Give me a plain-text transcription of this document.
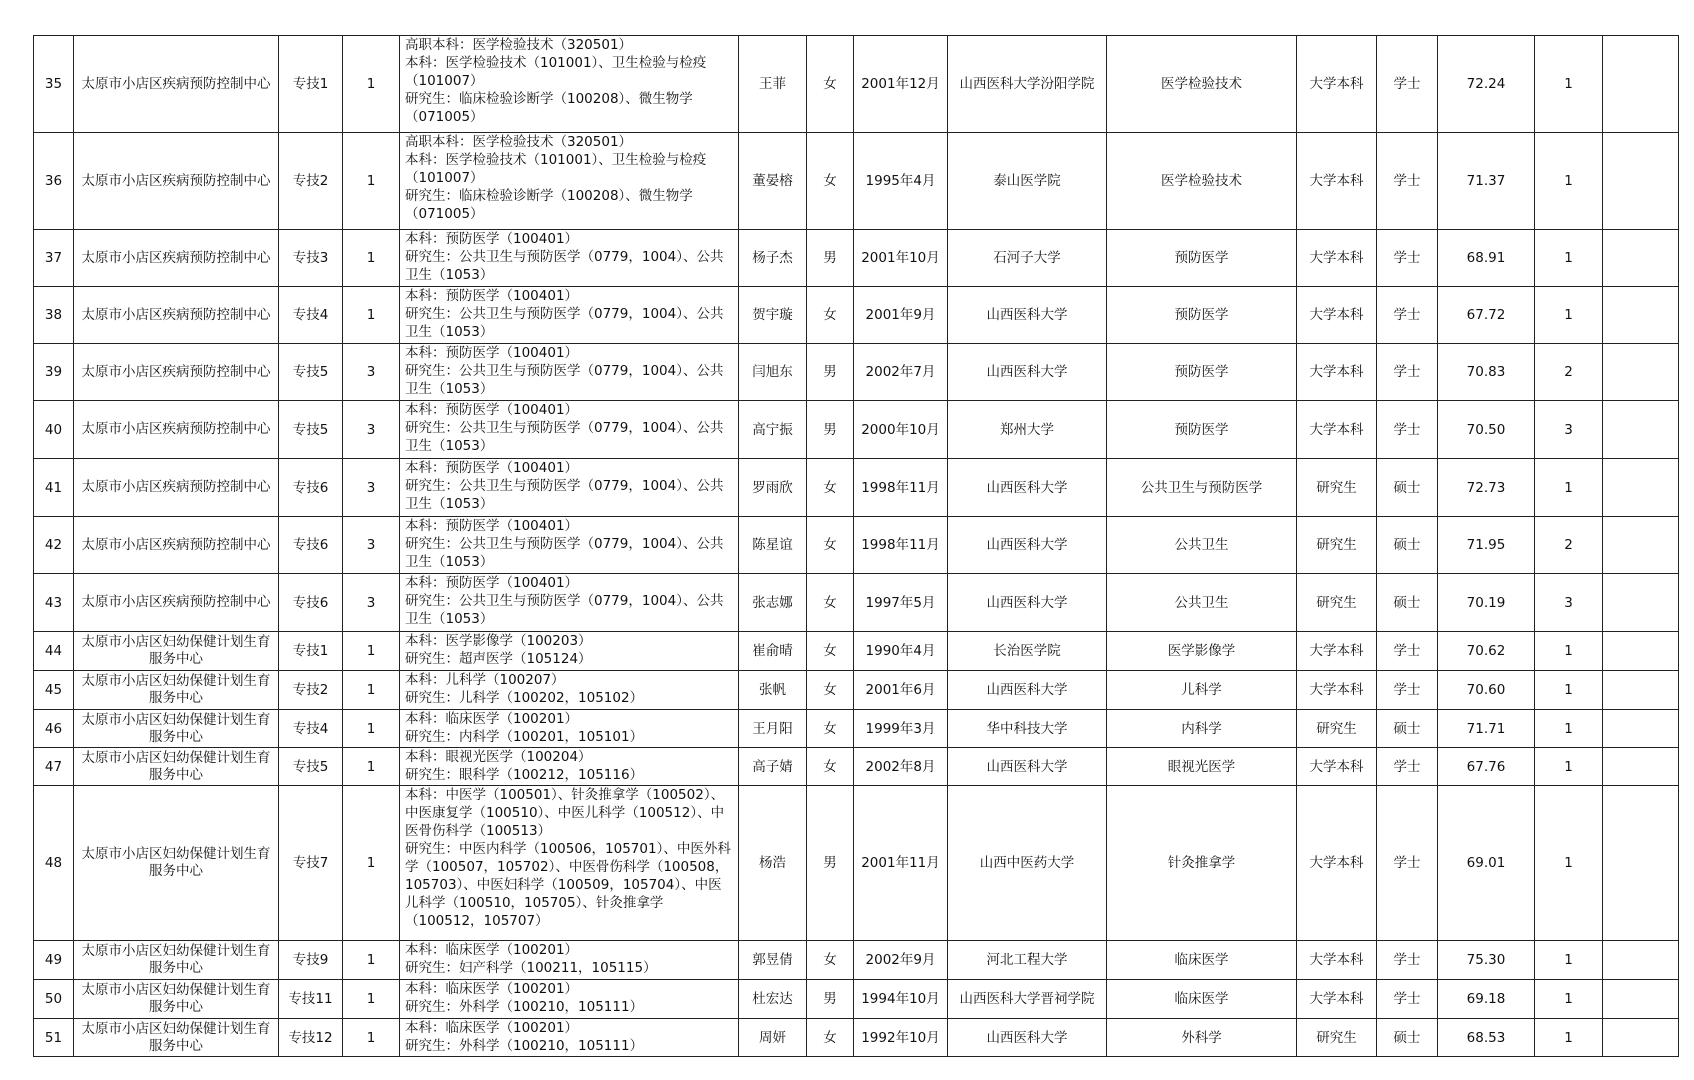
35	太原市小店区疾病预防控制中心	专技1	1	高职本科：医学检验技术（320501）
本科：医学检验技术（101001）、卫生检验与检疫（101007）
研究生：临床检验诊断学（100208）、微生物学（071005）	王菲	女	2001年12月	山西医科大学汾阳学院	医学检验技术	大学本科	学士	72.24	1	
36	太原市小店区疾病预防控制中心	专技2	1	高职本科：医学检验技术（320501）
本科：医学检验技术（101001）、卫生检验与检疫（101007）
研究生：临床检验诊断学（100208）、微生物学（071005）	董晏榕	女	1995年4月	泰山医学院	医学检验技术	大学本科	学士	71.37	1	
37	太原市小店区疾病预防控制中心	专技3	1	本科：预防医学（100401）
研究生：公共卫生与预防医学（0779，1004）、公共卫生（1053）	杨子杰	男	2001年10月	石河子大学	预防医学	大学本科	学士	68.91	1	
38	太原市小店区疾病预防控制中心	专技4	1	本科：预防医学（100401）
研究生：公共卫生与预防医学（0779，1004）、公共卫生（1053）	贺宇璇	女	2001年9月	山西医科大学	预防医学	大学本科	学士	67.72	1	
39	太原市小店区疾病预防控制中心	专技5	3	本科：预防医学（100401）
研究生：公共卫生与预防医学（0779，1004）、公共卫生（1053）	闫旭东	男	2002年7月	山西医科大学	预防医学	大学本科	学士	70.83	2	
40	太原市小店区疾病预防控制中心	专技5	3	本科：预防医学（100401）
研究生：公共卫生与预防医学（0779，1004）、公共卫生（1053）	高宁振	男	2000年10月	郑州大学	预防医学	大学本科	学士	70.50	3	
41	太原市小店区疾病预防控制中心	专技6	3	本科：预防医学（100401）
研究生：公共卫生与预防医学（0779，1004）、公共卫生（1053）	罗雨欣	女	1998年11月	山西医科大学	公共卫生与预防医学	研究生	硕士	72.73	1	
42	太原市小店区疾病预防控制中心	专技6	3	本科：预防医学（100401）
研究生：公共卫生与预防医学（0779，1004）、公共卫生（1053）	陈星谊	女	1998年11月	山西医科大学	公共卫生	研究生	硕士	71.95	2	
43	太原市小店区疾病预防控制中心	专技6	3	本科：预防医学（100401）
研究生：公共卫生与预防医学（0779，1004）、公共卫生（1053）	张志娜	女	1997年5月	山西医科大学	公共卫生	研究生	硕士	70.19	3	
44	太原市小店区妇幼保健计划生育服务中心	专技1	1	本科：医学影像学（100203）
研究生：超声医学（105124）	崔俞晴	女	1990年4月	长治医学院	医学影像学	大学本科	学士	70.62	1	
45	太原市小店区妇幼保健计划生育服务中心	专技2	1	本科：儿科学（100207）
研究生：儿科学（100202，105102）	张帆	女	2001年6月	山西医科大学	儿科学	大学本科	学士	70.60	1	
46	太原市小店区妇幼保健计划生育服务中心	专技4	1	本科：临床医学（100201）
研究生：内科学（100201，105101）	王月阳	女	1999年3月	华中科技大学	内科学	研究生	硕士	71.71	1	
47	太原市小店区妇幼保健计划生育服务中心	专技5	1	本科：眼视光医学（100204）
研究生：眼科学（100212，105116）	高子婧	女	2002年8月	山西医科大学	眼视光医学	大学本科	学士	67.76	1	
48	太原市小店区妇幼保健计划生育服务中心	专技7	1	本科：中医学（100501）、针灸推拿学（100502）、中医康复学（100510）、中医儿科学（100512）、中医骨伤科学（100513）
研究生：中医内科学（100506，105701）、中医外科学（100507，105702）、中医骨伤科学（100508，105703）、中医妇科学（100509，105704）、中医儿科学（100510，105705）、针灸推拿学（100512，105707）	杨浩	男	2001年11月	山西中医药大学	针灸推拿学	大学本科	学士	69.01	1	
49	太原市小店区妇幼保健计划生育服务中心	专技9	1	本科：临床医学（100201）
研究生：妇产科学（100211，105115）	郭昱倩	女	2002年9月	河北工程大学	临床医学	大学本科	学士	75.30	1	
50	太原市小店区妇幼保健计划生育服务中心	专技11	1	本科：临床医学（100201）
研究生：外科学（100210，105111）	杜宏达	男	1994年10月	山西医科大学晋祠学院	临床医学	大学本科	学士	69.18	1	
51	太原市小店区妇幼保健计划生育服务中心	专技12	1	本科：临床医学（100201）
研究生：外科学（100210，105111）	周妍	女	1992年10月	山西医科大学	外科学	研究生	硕士	68.53	1	
